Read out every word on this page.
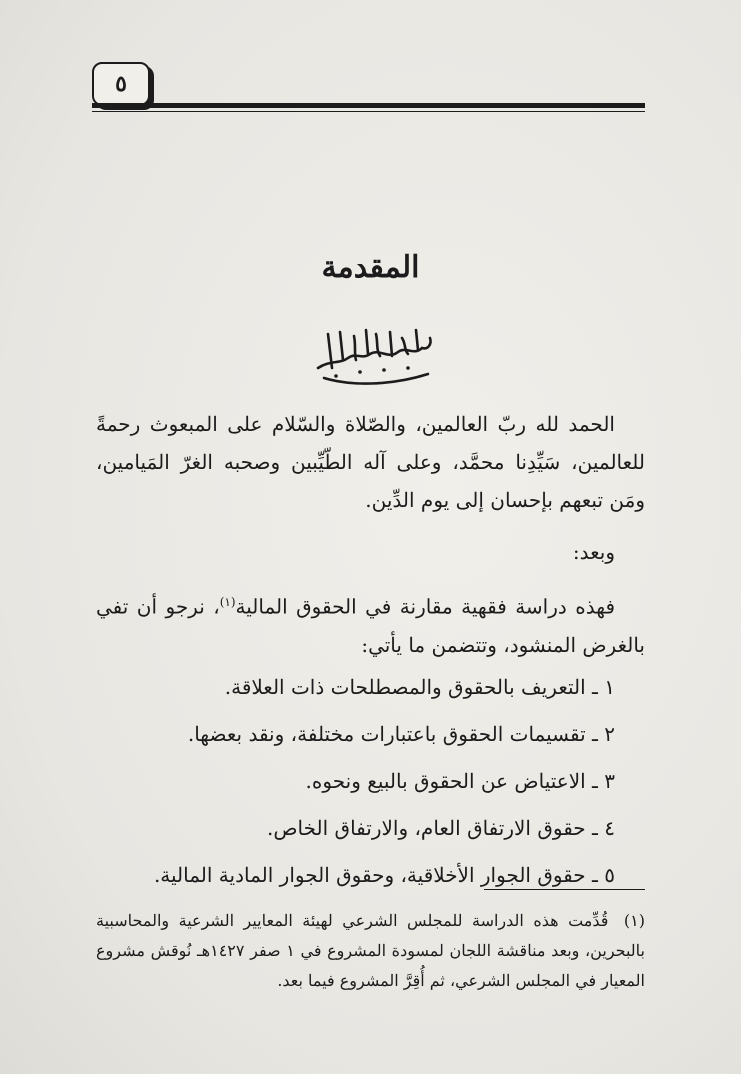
٥
المقدمة

الحمد لله ربّ العالمين، والصّلاة والسّلام على المبعوث رحمةً للعالمين، سَيِّدِنا محمَّد، وعلى آله الطّيِّبين وصحبه الغرّ المَيامين، ومَن تبعهم بإحسان إلى يوم الدِّين.

وبعد:

فهذه دراسة فقهية مقارنة في الحقوق المالية$^{(١)}$، نرجو أن تفي بالغرض المنشود، وتتضمن ما يأتي:

١ ـ التعريف بالحقوق والمصطلحات ذات العلاقة.
٢ ـ تقسيمات الحقوق باعتبارات مختلفة، ونقد بعضها.
٣ ـ الاعتياض عن الحقوق بالبيع ونحوه.
٤ ـ حقوق الارتفاق العام، والارتفاق الخاص.
٥ ـ حقوق الجوار الأخلاقية، وحقوق الجوار المادية المالية.
(١) قُدِّمت هذه الدراسة للمجلس الشرعي لهيئة المعايير الشرعية والمحاسبية بالبحرين، وبعد مناقشة اللجان لمسودة المشروع في ١ صفر ١٤٢٧هـ نُوقش مشروع المعيار في المجلس الشرعي، ثم أُقِرَّ المشروع فيما بعد.
